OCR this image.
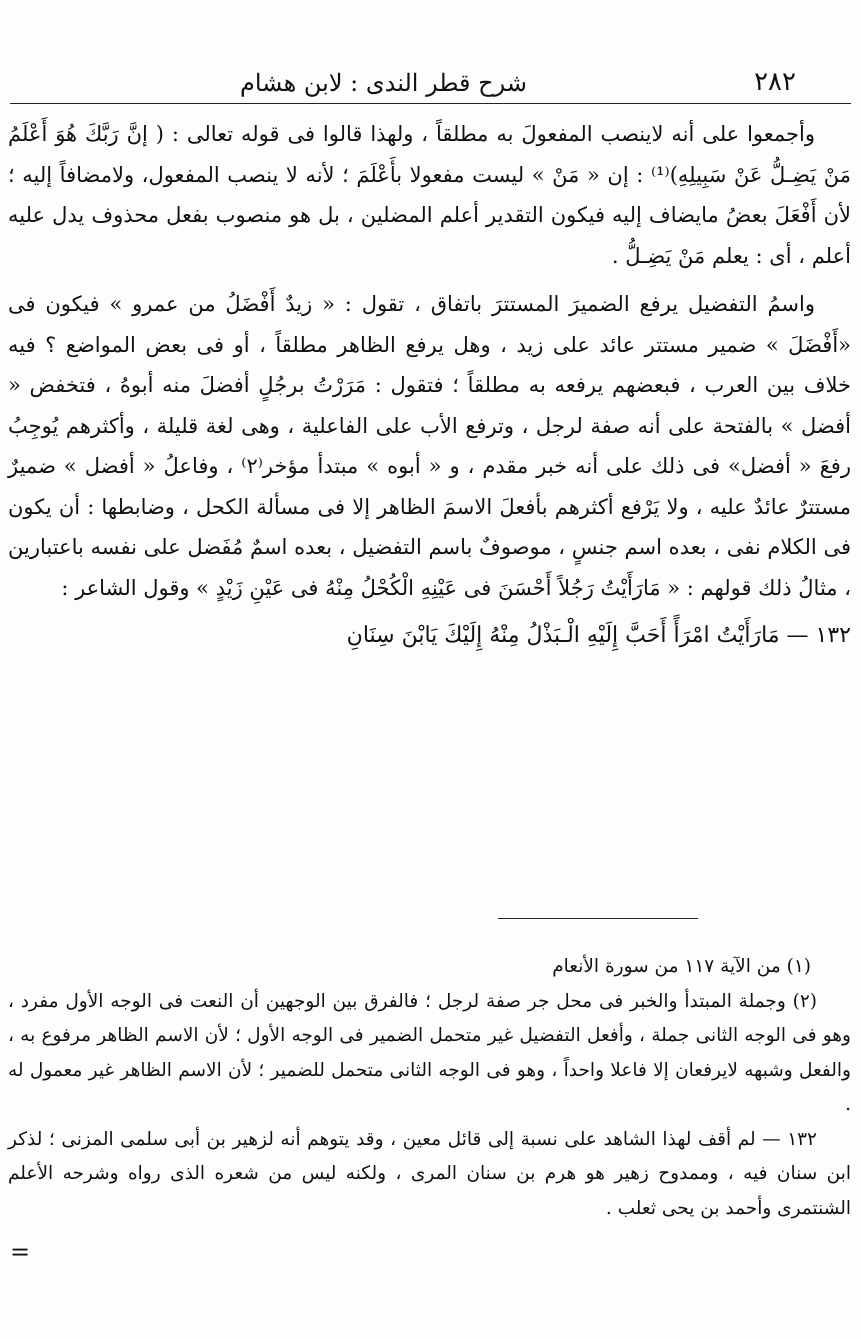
٢٨٢
شرح قطر الندى : لابن هشام

وأجمعوا على أنه لاينصب المفعولَ به مطلقاً ، ولهذا قالوا فى قوله تعالى : ( إنَّ رَبَّكَ هُوَ أَعْلَمُ مَنْ يَضِـلُّ عَنْ سَبِيلِهِ)⁽¹⁾ : إن « مَنْ » ليست مفعولا بأَعْلَمَ ؛ لأنه لا ينصب المفعول، ولامضافاً إليه ؛ لأن أَفْعَلَ بعضُ مايضاف إليه فيكون التقدير أعلم المضلين ، بل هو منصوب بفعل محذوف يدل عليه أعلم ، أى : يعلم مَنْ يَضِـلُّ .

واسمُ التفضيل يرفع الضميرَ المستترَ باتفاق ، تقول : « زيدٌ أَفْضَلُ من عمرو » فيكون فى «أَفْضَلَ » ضمير مستتر عائد على زيد ، وهل يرفع الظاهر مطلقاً ، أو فى بعض المواضع ؟ فيه خلاف بين العرب ، فبعضهم يرفعه به مطلقاً ؛ فتقول : مَرَرْتُ برجُلٍ أفضلَ منه أبوهُ ، فتخفض « أفضل » بالفتحة على أنه صفة لرجل ، وترفع الأب على الفاعلية ، وهى لغة قليلة ، وأكثرهم يُوجِبُ رفعَ « أفضل» فى ذلك على أنه خبر مقدم ، و « أبوه » مبتدأ مؤخر⁽٢⁾ ، وفاعلُ « أفضل » ضميرٌ مستترٌ عائدٌ عليه ، ولا يَرْفع أكثرهم بأفعلَ الاسمَ الظاهر إلا فى مسألة الكحل ، وضابطها : أن يكون فى الكلام نفى ، بعده اسم جنسٍ ، موصوفٌ باسم التفضيل ، بعده اسمٌ مُفَضل على نفسه باعتبارين ، مثالُ ذلك قولهم : « مَارَأَيْتُ رَجُلاً أَحْسَنَ فى عَيْنِهِ الْكُحْلُ مِنْهُ فى عَيْنِ زَيْدٍ » وقول الشاعر :

١٣٢ — مَارَأَيْتُ امْرَأً أَحَبَّ إِلَيْهِ الْـبَذْلُ مِنْهُ إِلَيْكَ يَابْنَ سِنَانِ

(١) من الآية ١١٧ من سورة الأنعام

(٢) وجملة المبتدأ والخبر فى محل جر صفة لرجل ؛ فالفرق بين الوجهين أن النعت فى الوجه الأول مفرد ، وهو فى الوجه الثانى جملة ، وأفعل التفضيل غير متحمل الضمير فى الوجه الأول ؛ لأن الاسم الظاهر مرفوع به ، والفعل وشبهه لايرفعان إلا فاعلا واحداً ، وهو فى الوجه الثانى متحمل للضمير ؛ لأن الاسم الظاهر غير معمول له .

١٣٢ — لم أقف لهذا الشاهد على نسبة إلى قائل معين ، وقد يتوهم أنه لزهير بن أبى سلمى المزنى ؛ لذكر ابن سنان فيه ، وممدوح زهير هو هرم بن سنان المرى ، ولكنه ليس من شعره الذى رواه وشرحه الأعلم الشنتمرى وأحمد بن يحى ثعلب .

=
